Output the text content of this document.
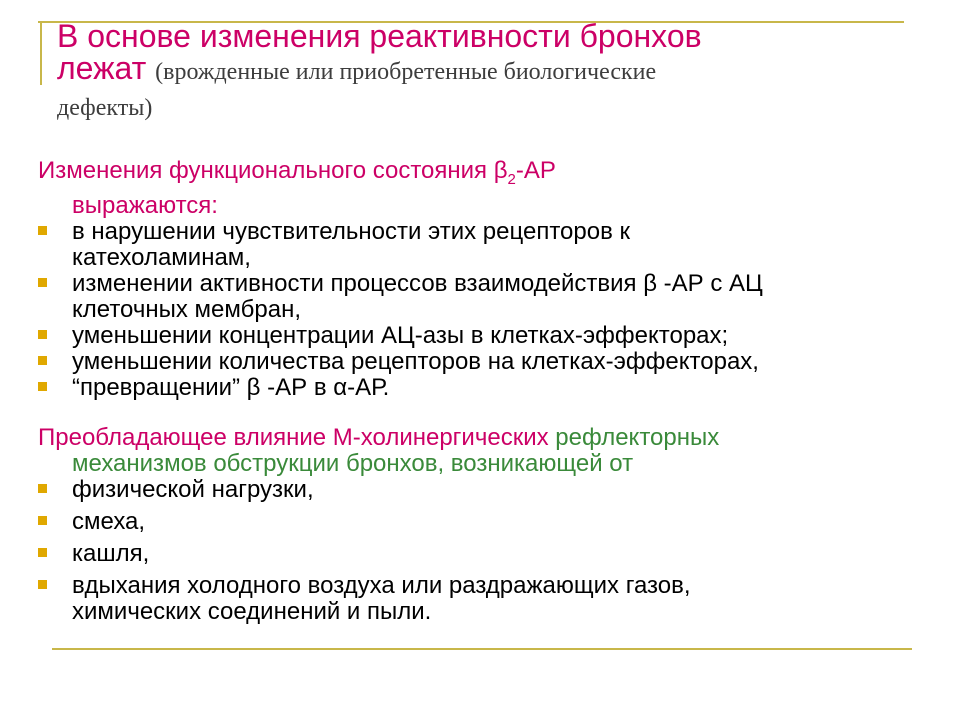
В основе изменения реактивности бронхов
лежат (врожденные или приобретенные биологические
дефекты)
Изменения функционального состояния $\beta_2-АР$
выражаются:
в нарушении чувствительности этих рецепторов к
катехоламинам,
изменении активности процессов взаимодействия β -АР с АЦ
клеточных мембран,
уменьшении концентрации АЦ-азы в клетках-эффекторах;
уменьшении количества рецепторов на клетках-эффекторах,
“превращении” β -АР в α-АР.
Преобладающее влияние М-холинергических рефлекторных
механизмов обструкции бронхов, возникающей от
физической нагрузки,
смеха,
кашля,
вдыхания холодного воздуха или раздражающих газов,
химических соединений и пыли.
